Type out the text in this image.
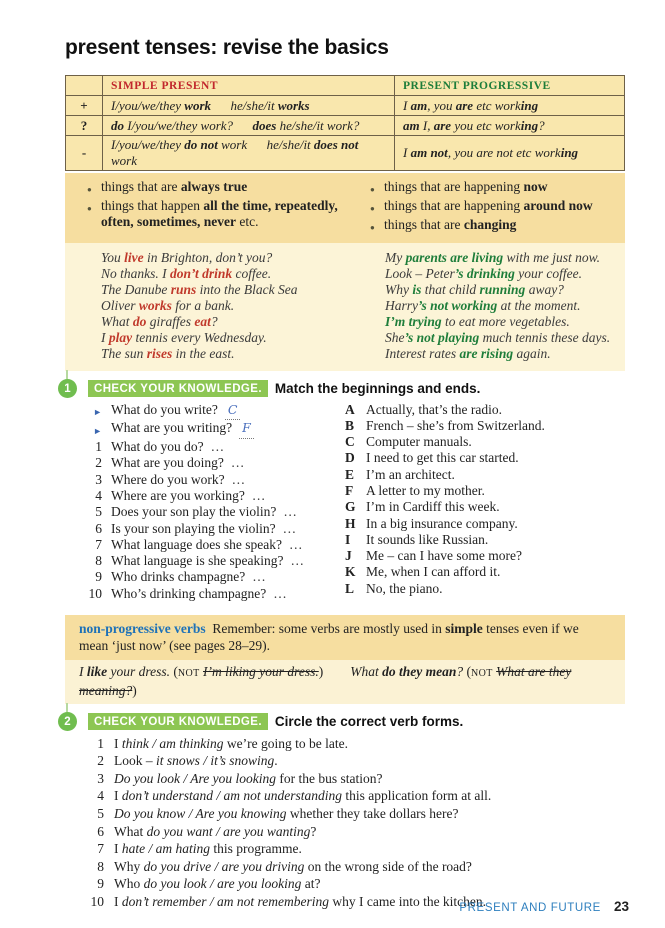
present tenses: revise the basics
	SIMPLE PRESENT	PRESENT PROGRESSIVE
+	I/you/we/they work  he/she/it works	I am, you are etc working
?	do I/you/we/they work?  does he/she/it work?	am I, are you etc working?
-	I/you/we/they do not work  he/she/it does not work	I am not, you are not etc working
● things that are always true
● things that happen all the time, repeatedly, often, sometimes, never etc.
● things that are happening now
● things that are happening around now
● things that are changing
You live in Brighton, don’t you?
No thanks. I don’t drink coffee.
The Danube runs into the Black Sea
Oliver works for a bank.
What do giraffes eat?
I play tennis every Wednesday.
The sun rises in the east.
My parents are living with me just now.
Look – Peter’s drinking your coffee.
Why is that child running away?
Harry’s not working at the moment.
I’m trying to eat more vegetables.
She’s not playing much tennis these days.
Interest rates are rising again.
1	CHECK YOUR KNOWLEDGE. Match the beginnings and ends.
► What do you write? C
► What are you writing? F
1 What do you do? …
2 What are you doing? …
3 Where do you work? …
4 Where are you working? …
5 Does your son play the violin? …
6 Is your son playing the violin? …
7 What language does she speak? …
8 What language is she speaking? …
9 Who drinks champagne? …
10 Who’s drinking champagne? …
A Actually, that’s the radio.
B French – she’s from Switzerland.
C Computer manuals.
D I need to get this car started.
E I’m an architect.
F A letter to my mother.
G I’m in Cardiff this week.
H In a big insurance company.
I	It sounds like Russian.
J	Me – can I have some more?
K Me, when I can afford it.
L No, the piano.
non-progressive verbs Remember: some verbs are mostly used in simple tenses even if we mean ‘just now’ (see pages 28–29).
I like your dress. (NOT I’m liking your dress.)   What do they mean? (NOT What are they meaning?)
2	CHECK YOUR KNOWLEDGE. Circle the correct verb forms.
1 I think / am thinking we’re going to be late.
2 Look – it snows / it’s snowing.
3 Do you look / Are you looking for the bus station?
4 I don’t understand / am not understanding this application form at all.
5 Do you know / Are you knowing whether they take dollars here?
6 What do you want / are you wanting?
7 I hate / am hating this programme.
8 Why do you drive / are you driving on the wrong side of the road?
9 Who do you look / are you looking at?
10 I don’t remember / am not remembering why I came into the kitchen.
PRESENT AND FUTURE 23
